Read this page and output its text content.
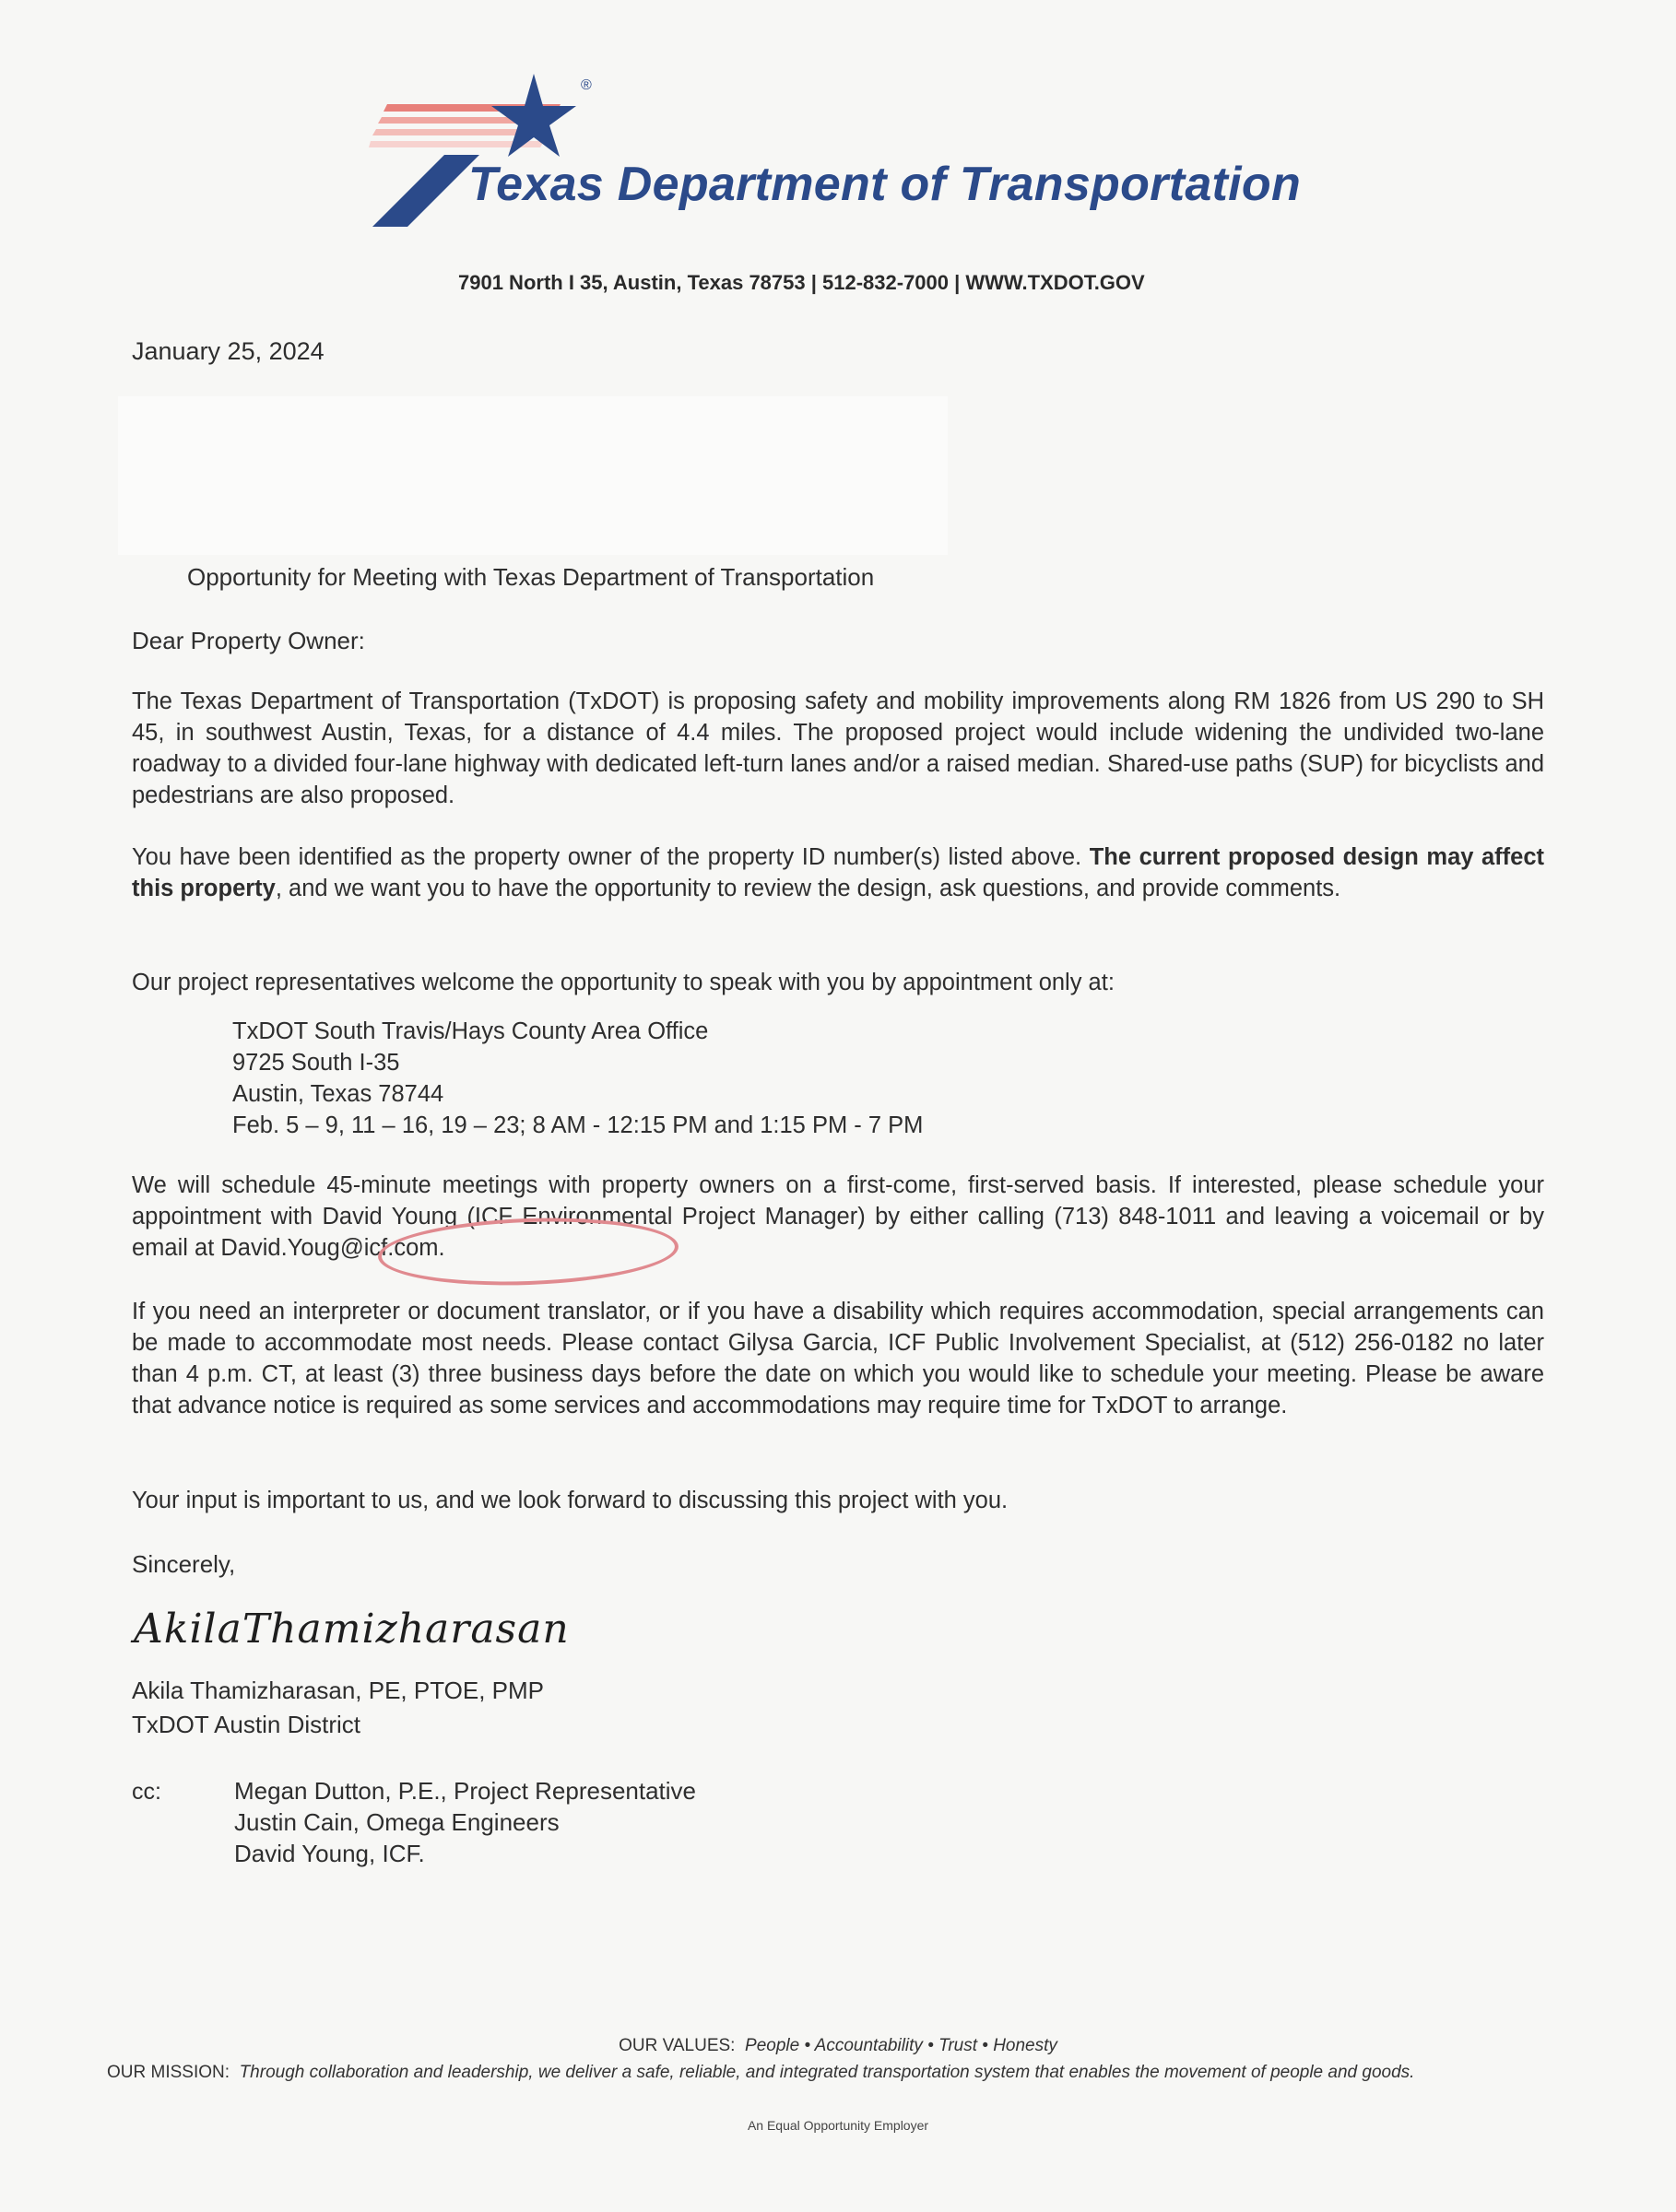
®
Texas Department of Transportation
7901 North I 35, Austin, Texas 78753 | 512-832-7000 | WWW.TXDOT.GOV
January 25, 2024
Opportunity for Meeting with Texas Department of Transportation
Dear Property Owner:
The Texas Department of Transportation (TxDOT) is proposing safety and mobility improvements along RM 1826 from US 290 to SH 45, in southwest Austin, Texas, for a distance of 4.4 miles. The proposed project would include widening the undivided two-lane roadway to a divided four-lane highway with dedicated left-turn lanes and/or a raised median. Shared-use paths (SUP) for bicyclists and pedestrians are also proposed.
You have been identified as the property owner of the property ID number(s) listed above. The current proposed design may affect this property, and we want you to have the opportunity to review the design, ask questions, and provide comments.
Our project representatives welcome the opportunity to speak with you by appointment only at:
TxDOT South Travis/Hays County Area Office
9725 South I-35
Austin, Texas 78744
Feb. 5 – 9, 11 – 16, 19 – 23; 8 AM - 12:15 PM and 1:15 PM - 7 PM
We will schedule 45-minute meetings with property owners on a first-come, first-served basis. If interested, please schedule your appointment with David Young (ICF Environmental Project Manager) by either calling (713) 848-1011 and leaving a voicemail or by email at David.Youg@icf.com.
If you need an interpreter or document translator, or if you have a disability which requires accommodation, special arrangements can be made to accommodate most needs. Please contact Gilysa Garcia, ICF Public Involvement Specialist, at (512) 256-0182 no later than 4 p.m. CT, at least (3) three business days before the date on which you would like to schedule your meeting. Please be aware that advance notice is required as some services and accommodations may require time for TxDOT to arrange.
Your input is important to us, and we look forward to discussing this project with you.
Sincerely,
AkilaThamizharasan
Akila Thamizharasan, PE, PTOE, PMP
TxDOT Austin District
cc:	Megan Dutton, P.E., Project Representative
Justin Cain, Omega Engineers
David Young, ICF.
OUR VALUES: People • Accountability • Trust • Honesty
OUR MISSION: Through collaboration and leadership, we deliver a safe, reliable, and integrated transportation system that enables the movement of people and goods.
An Equal Opportunity Employer
